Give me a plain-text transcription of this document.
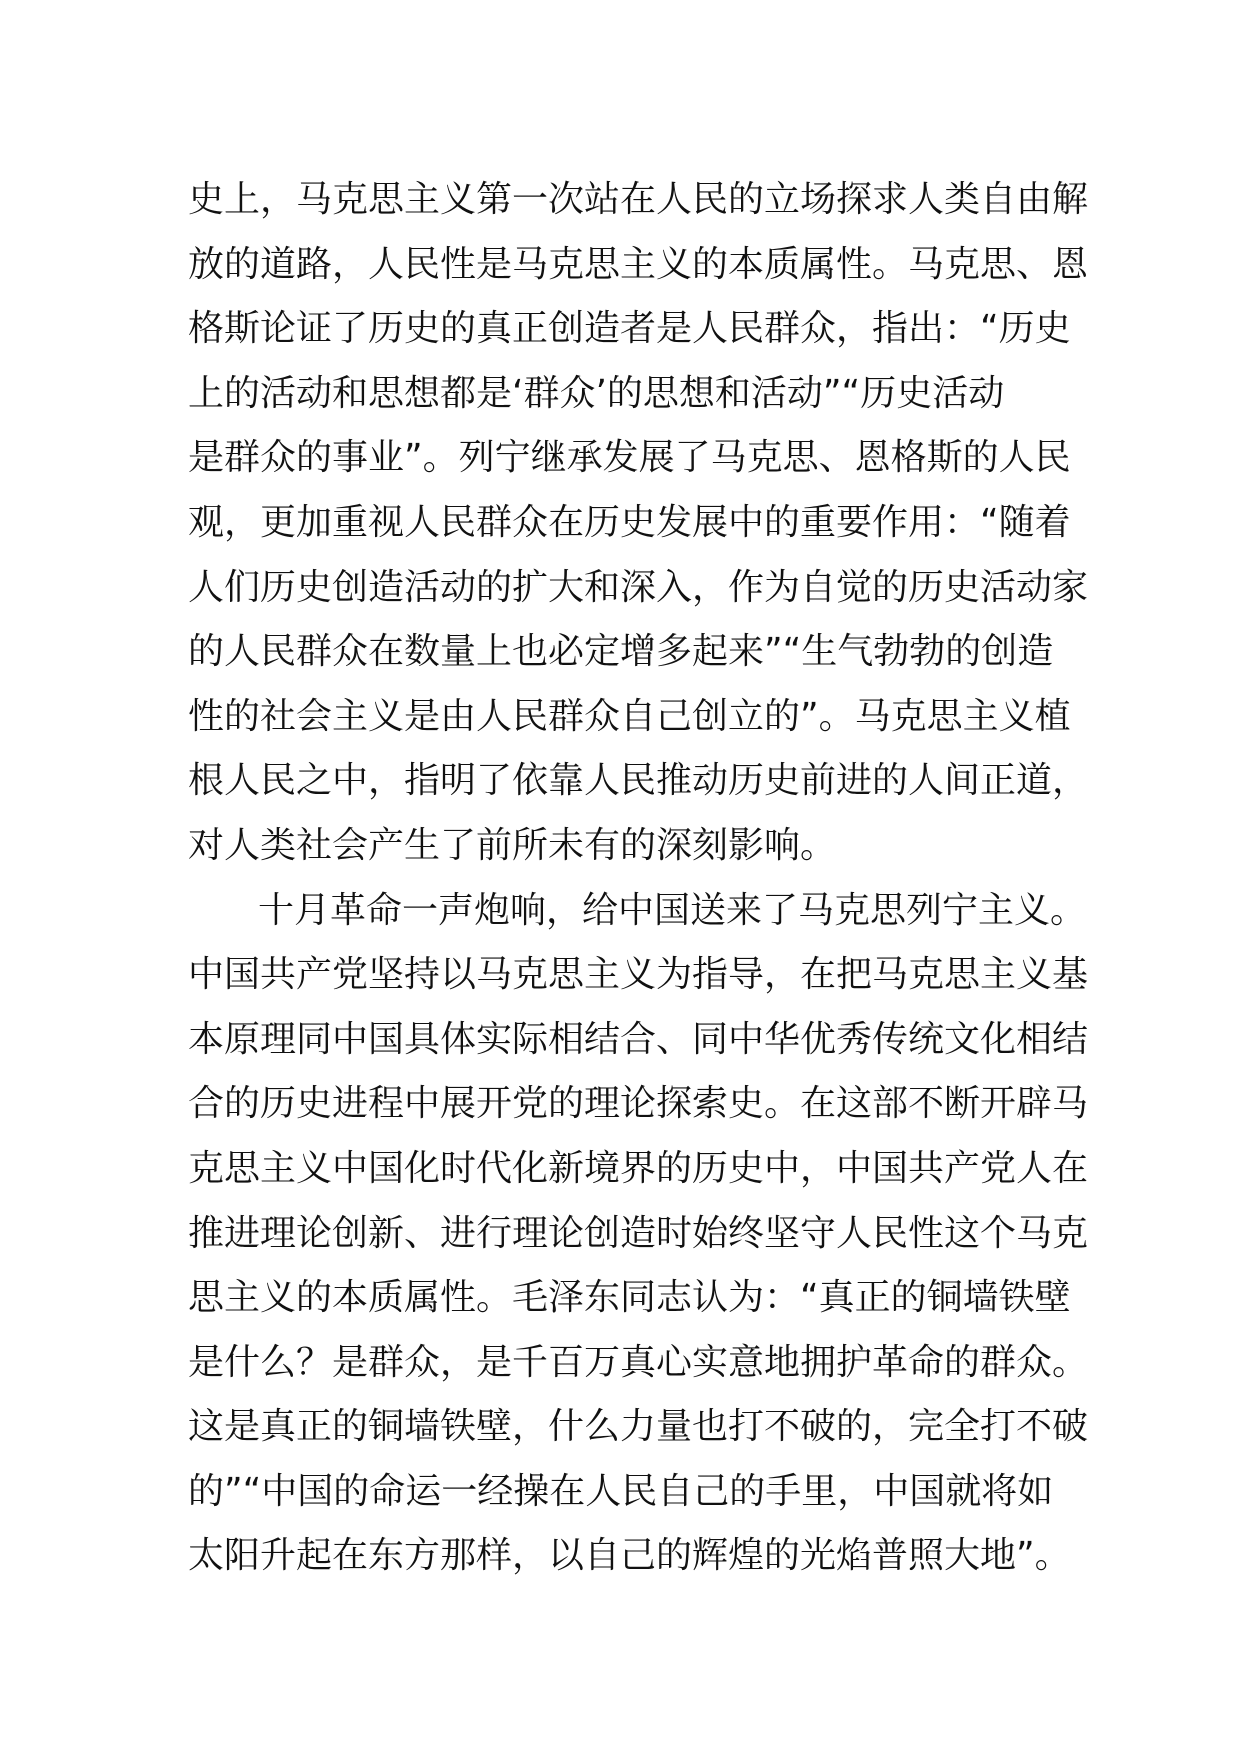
史上，马克思主义第一次站在人民的立场探求人类自由解
放的道路，人民性是马克思主义的本质属性。马克思、恩
格斯论证了历史的真正创造者是人民群众，指出：“历史
上的活动和思想都是‘群众’的思想和活动”“历史活动
是群众的事业”。列宁继承发展了马克思、恩格斯的人民
观，更加重视人民群众在历史发展中的重要作用：“随着
人们历史创造活动的扩大和深入，作为自觉的历史活动家
的人民群众在数量上也必定增多起来”“生气勃勃的创造
性的社会主义是由人民群众自己创立的”。马克思主义植
根人民之中，指明了依靠人民推动历史前进的人间正道，
对人类社会产生了前所未有的深刻影响。
十月革命一声炮响，给中国送来了马克思列宁主义。
中国共产党坚持以马克思主义为指导，在把马克思主义基
本原理同中国具体实际相结合、同中华优秀传统文化相结
合的历史进程中展开党的理论探索史。在这部不断开辟马
克思主义中国化时代化新境界的历史中，中国共产党人在
推进理论创新、进行理论创造时始终坚守人民性这个马克
思主义的本质属性。毛泽东同志认为：“真正的铜墙铁壁
是什么？是群众，是千百万真心实意地拥护革命的群众。
这是真正的铜墙铁壁，什么力量也打不破的，完全打不破
的”“中国的命运一经操在人民自己的手里，中国就将如
太阳升起在东方那样，以自己的辉煌的光焰普照大地”。
